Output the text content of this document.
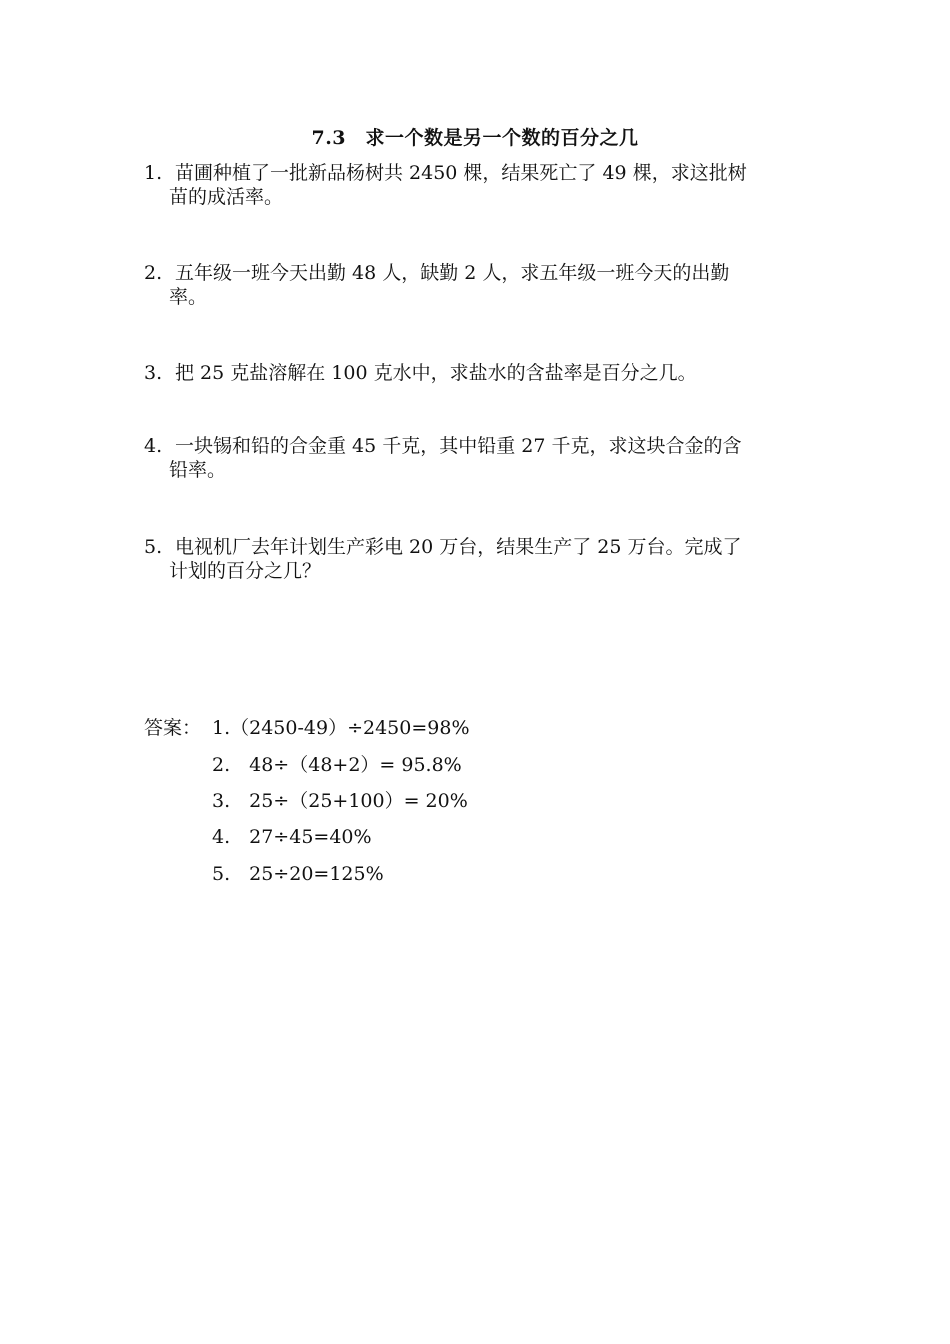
7.3　求一个数是另一个数的百分之几
1. 苗圃种植了一批新品杨树共 2450 棵，结果死亡了 49 棵，求这批树
苗的成活率。
2. 五年级一班今天出勤 48 人，缺勤 2 人，求五年级一班今天的出勤
率。
3. 把 25 克盐溶解在 100 克水中，求盐水的含盐率是百分之几。
4. 一块锡和铅的合金重 45 千克，其中铅重 27 千克，求这块合金的含
铅率。
5. 电视机厂去年计划生产彩电 20 万台，结果生产了 25 万台。完成了
计划的百分之几？
答案： 1.（2450-49）÷2450=98%
2.　48÷（48+2）= 95.8%
3.　25÷（25+100）= 20%
4.　27÷45=40%
5.　25÷20=125%
